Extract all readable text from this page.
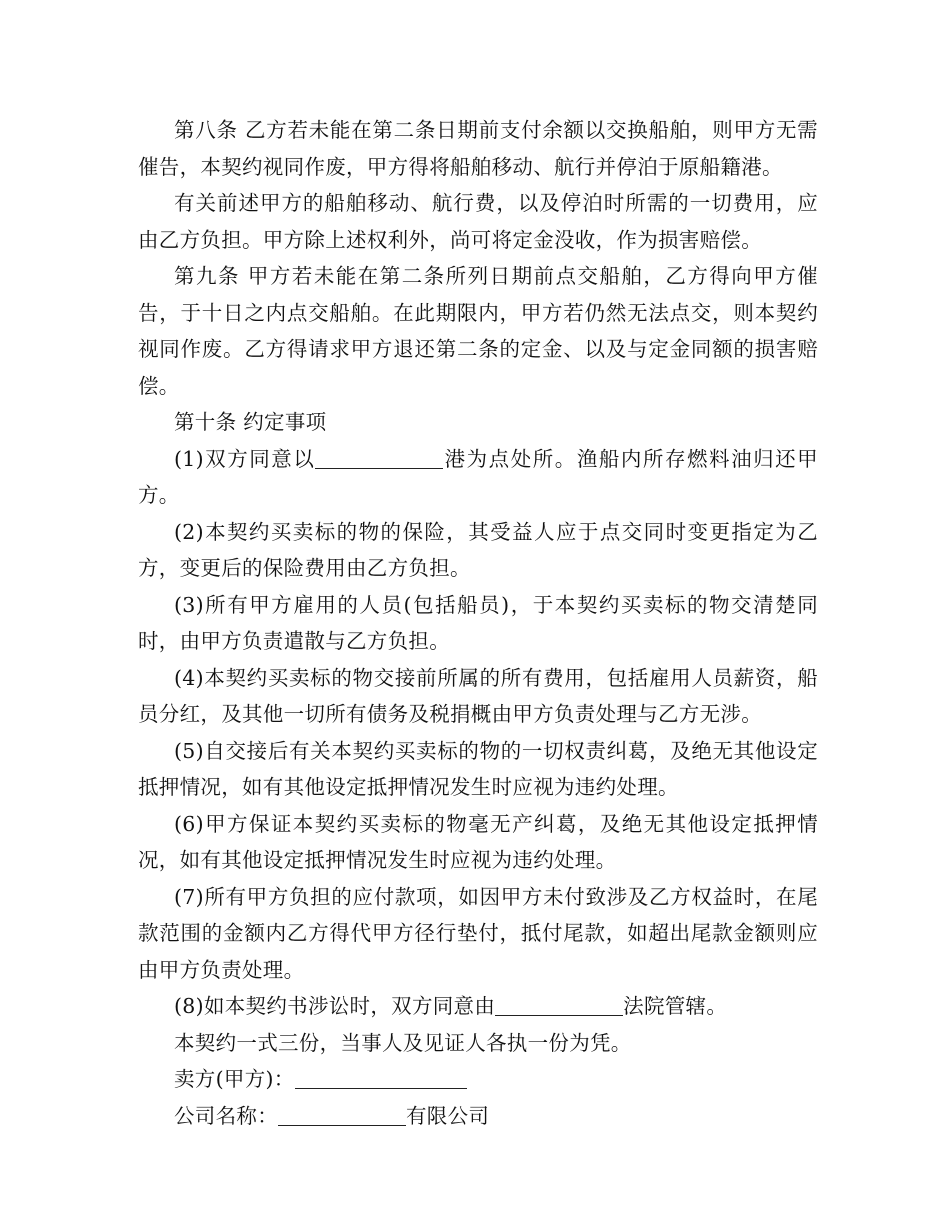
第八条 乙方若未能在第二条日期前支付余额以交换船舶，则甲方无需催告，本契约视同作废，甲方得将船舶移动、航行并停泊于原船籍港。

有关前述甲方的船舶移动、航行费，以及停泊时所需的一切费用，应由乙方负担。甲方除上述权利外，尚可将定金没收，作为损害赔偿。

第九条 甲方若未能在第二条所列日期前点交船舶，乙方得向甲方催告，于十日之内点交船舶。在此期限内，甲方若仍然无法点交，则本契约视同作废。乙方得请求甲方退还第二条的定金、以及与定金同额的损害赔偿。

第十条 约定事项

(1)双方同意以	港为点处所。渔船内所存燃料油归还甲方。

(2)本契约买卖标的物的保险，其受益人应于点交同时变更指定为乙方，变更后的保险费用由乙方负担。

(3)所有甲方雇用的人员(包括船员)，于本契约买卖标的物交清楚同时，由甲方负责遣散与乙方负担。

(4)本契约买卖标的物交接前所属的所有费用，包括雇用人员薪资，船员分红，及其他一切所有债务及税捐概由甲方负责处理与乙方无涉。

(5)自交接后有关本契约买卖标的物的一切权责纠葛，及绝无其他设定抵押情况，如有其他设定抵押情况发生时应视为违约处理。

(6)甲方保证本契约买卖标的物毫无产纠葛，及绝无其他设定抵押情况，如有其他设定抵押情况发生时应视为违约处理。

(7)所有甲方负担的应付款项，如因甲方未付致涉及乙方权益时，在尾款范围的金额内乙方得代甲方径行垫付，抵付尾款，如超出尾款金额则应由甲方负责处理。

(8)如本契约书涉讼时，双方同意由	法院管辖。

本契约一式三份，当事人及见证人各执一份为凭。

卖方(甲方)：

公司名称：	有限公司
